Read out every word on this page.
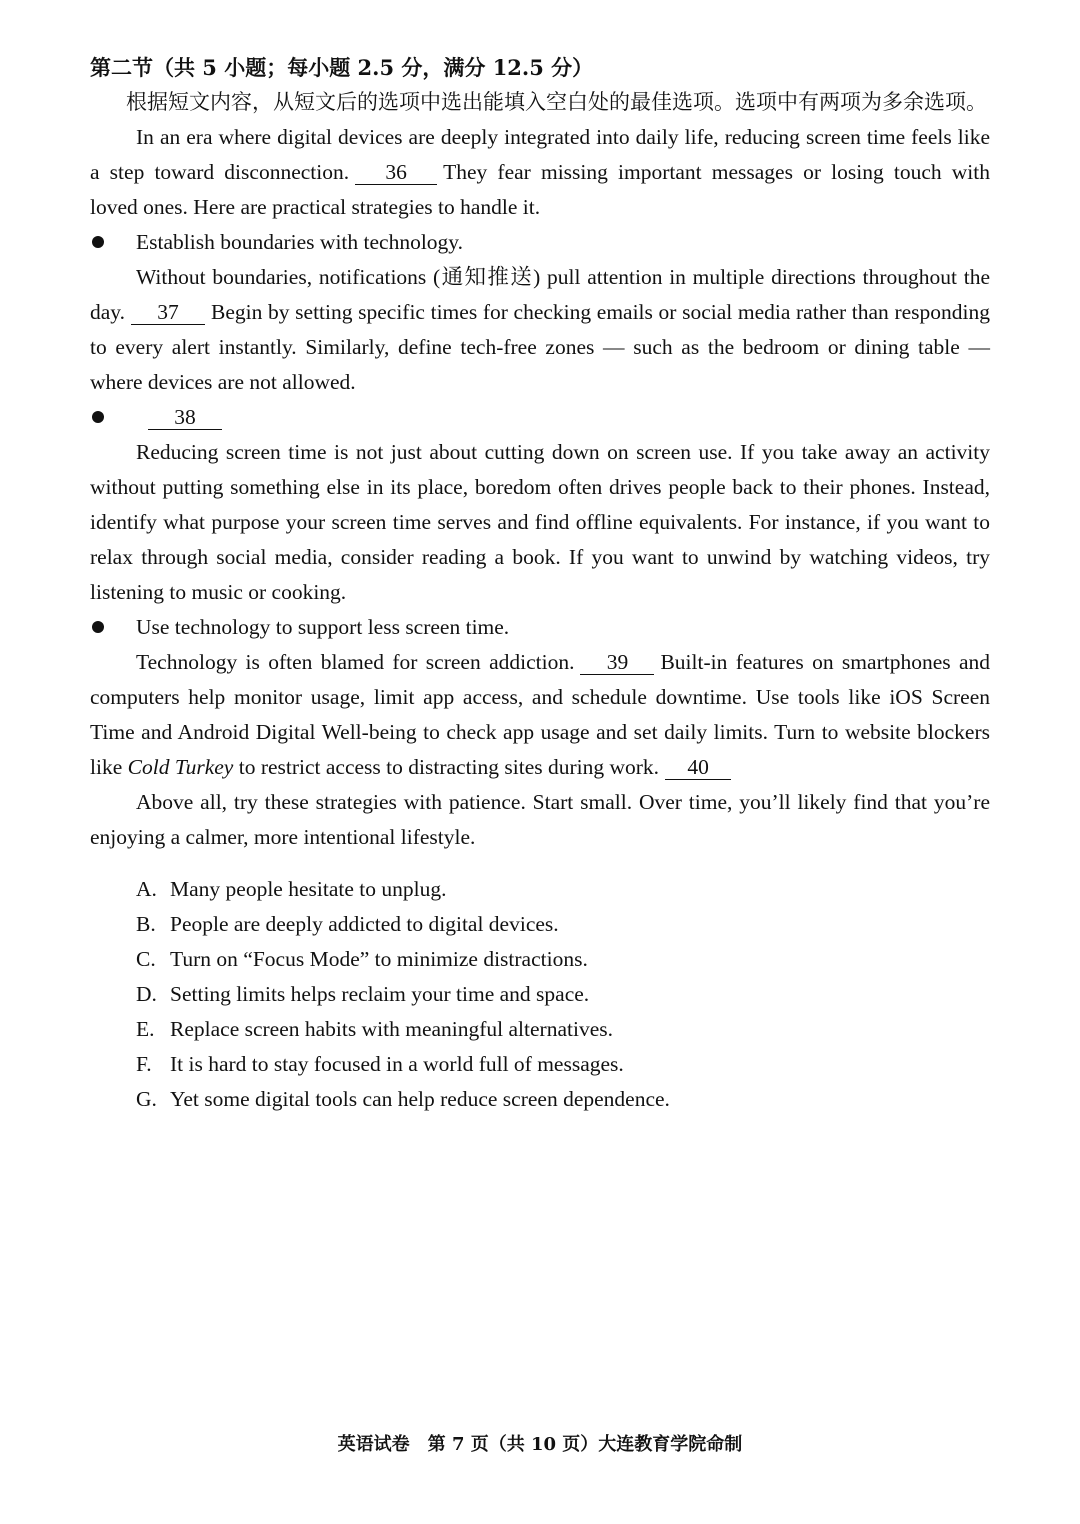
第二节（共 5 小题；每小题 2.5 分，满分 12.5 分）

根据短文内容，从短文后的选项中选出能填入空白处的最佳选项。选项中有两项为多余选项。

In an era where digital devices are deeply integrated into daily life, reducing screen time feels like a step toward disconnection. 36 They fear missing important messages or losing touch with loved ones. Here are practical strategies to handle it.

Establish boundaries with technology.

Without boundaries, notifications (通知推送) pull attention in multiple directions throughout the day. 37 Begin by setting specific times for checking emails or social media rather than responding to every alert instantly. Similarly, define tech-free zones — such as the bedroom or dining table — where devices are not allowed.

38

Reducing screen time is not just about cutting down on screen use. If you take away an activity without putting something else in its place, boredom often drives people back to their phones. Instead, identify what purpose your screen time serves and find offline equivalents. For instance, if you want to relax through social media, consider reading a book. If you want to unwind by watching videos, try listening to music or cooking.

Use technology to support less screen time.

Technology is often blamed for screen addiction. 39 Built-in features on smartphones and computers help monitor usage, limit app access, and schedule downtime. Use tools like iOS Screen Time and Android Digital Well-being to check app usage and set daily limits. Turn to website blockers like Cold Turkey to restrict access to distracting sites during work. 40

Above all, try these strategies with patience. Start small. Over time, you’ll likely find that you’re enjoying a calmer, more intentional lifestyle.

A. Many people hesitate to unplug.
B. People are deeply addicted to digital devices.
C. Turn on “Focus Mode” to minimize distractions.
D. Setting limits helps reclaim your time and space.
E. Replace screen habits with meaningful alternatives.
F. It is hard to stay focused in a world full of messages.
G. Yet some digital tools can help reduce screen dependence.
英语试卷　第 7 页（共 10 页）大连教育学院命制
